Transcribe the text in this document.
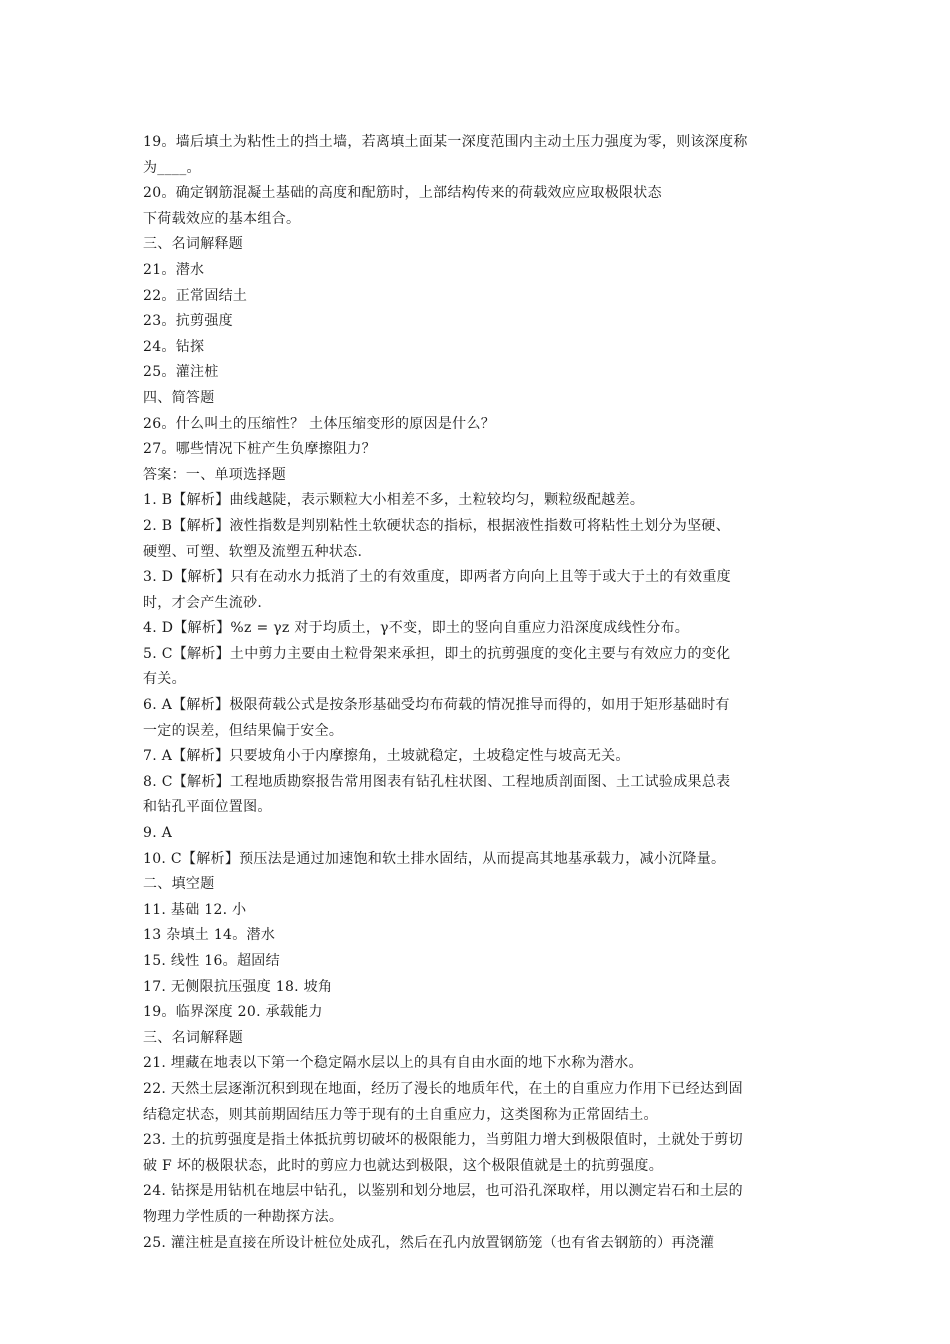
19。墙后填土为粘性土的挡土墙，若离填土面某一深度范围内主动土压力强度为零，则该深度称
为____。
20。确定钢筋混凝土基础的高度和配筋时，上部结构传来的荷载效应应取极限状态
下荷载效应的基本组合。
三、名词解释题
21。潜水
22。正常固结土
23。抗剪强度
24。钻探
25。灌注桩
四、简答题
26。什么叫土的压缩性？ 土体压缩变形的原因是什么？
27。哪些情况下桩产生负摩擦阻力？
答案：一、单项选择题
1. B【解析】曲线越陡，表示颗粒大小相差不多，土粒较均匀，颗粒级配越差。
2. B【解析】液性指数是判别粘性土软硬状态的指标，根据液性指数可将粘性土划分为坚硬、
硬塑、可塑、软塑及流塑五种状态.
3. D【解析】只有在动水力抵消了土的有效重度，即两者方向向上且等于或大于土的有效重度
时，才会产生流砂.
4. D【解析】%z = γz 对于均质土，γ不变，即土的竖向自重应力沿深度成线性分布。
5. C【解析】土中剪力主要由土粒骨架来承担，即土的抗剪强度的变化主要与有效应力的变化
有关。
6. A【解析】极限荷载公式是按条形基础受均布荷载的情况推导而得的，如用于矩形基础时有
一定的误差，但结果偏于安全。
7. A【解析】只要坡角小于内摩擦角，土坡就稳定，土坡稳定性与坡高无关。
8. C【解析】工程地质勘察报告常用图表有钻孔柱状图、工程地质剖面图、土工试验成果总表
和钻孔平面位置图。
9. A
10. C【解析】预压法是通过加速饱和软土排水固结，从而提高其地基承载力，减小沉降量。
二、填空题
11. 基础 12. 小
13 杂填土 14。潜水
15. 线性 16。超固结
17. 无侧限抗压强度 18. 坡角
19。临界深度 20. 承载能力
三、名词解释题
21. 埋藏在地表以下第一个稳定隔水层以上的具有自由水面的地下水称为潜水。
22. 天然土层逐渐沉积到现在地面，经历了漫长的地质年代，在土的自重应力作用下已经达到固
结稳定状态，则其前期固结压力等于现有的土自重应力，这类图称为正常固结土。
23. 土的抗剪强度是指土体抵抗剪切破坏的极限能力，当剪阻力增大到极限值时，土就处于剪切
破 F 坏的极限状态，此时的剪应力也就达到极限，这个极限值就是土的抗剪强度。
24. 钻探是用钻机在地层中钻孔，以鉴别和划分地层，也可沿孔深取样，用以测定岩石和土层的
物理力学性质的一种勘探方法。
25. 灌注桩是直接在所设计桩位处成孔，然后在孔内放置钢筋笼（也有省去钢筋的）再浇灌
